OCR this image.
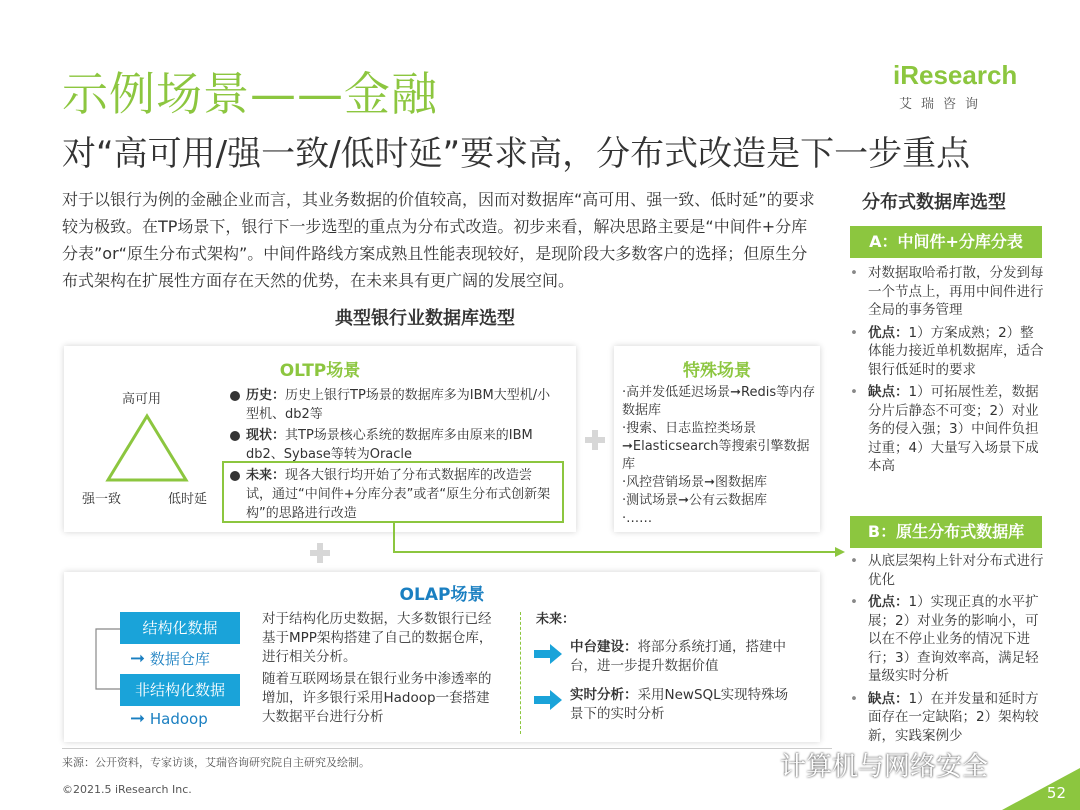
示例场景——金融
对“高可用/强一致/低时延”要求高，分布式改造是下一步重点
iResearch
艾瑞咨询
对于以银行为例的金融企业而言，其业务数据的价值较高，因而对数据库“高可用、强一致、低时延”的要求较为极致。在TP场景下，银行下一步选型的重点为分布式改造。初步来看，解决思路主要是“中间件+分库分表”or“原生分布式架构”。中间件路线方案成熟且性能表现较好，是现阶段大多数客户的选择；但原生分布式架构在扩展性方面存在天然的优势，在未来具有更广阔的发展空间。
典型银行业数据库选型
OLTP场景
高可用
强一致	低时延
历史：历史上银行TP场景的数据库多为IBM大型机/小型机、db2等
现状：其TP场景核心系统的数据库多由原来的IBM db2、Sybase等转为Oracle
未来：现各大银行均开始了分布式数据库的改造尝试，通过“中间件+分库分表”或者“原生分布式创新架构”的思路进行改造
特殊场景
·高并发低延迟场景➞Redis等内存数据库
·搜索、日志监控类场景➞Elasticsearch等搜索引擎数据库
·风控营销场景➞图数据库
·测试场景➞公有云数据库
·……
OLAP场景
结构化数据
➞ 数据仓库
非结构化数据
➞ Hadoop
对于结构化历史数据，大多数银行已经基于MPP架构搭建了自己的数据仓库，进行相关分析。
随着互联网场景在银行业务中渗透率的增加，许多银行采用Hadoop一套搭建大数据平台进行分析
未来：
中台建设：将部分系统打通，搭建中台，进一步提升数据价值
实时分析：采用NewSQL实现特殊场景下的实时分析
分布式数据库选型
A：中间件+分库分表
• 对数据取哈希打散，分发到每一个节点上，再用中间件进行全局的事务管理
• 优点：1）方案成熟；2）整体能力接近单机数据库，适合银行低延时的要求
• 缺点：1）可拓展性差，数据分片后静态不可变；2）对业务的侵入强；3）中间件负担过重；4）大量写入场景下成本高
B：原生分布式数据库
• 从底层架构上针对分布式进行优化
• 优点：1）实现正真的水平扩展；2）对业务的影响小，可以在不停止业务的情况下进行；3）查询效率高，满足轻量级实时分析
• 缺点：1）在并发量和延时方面存在一定缺陷；2）架构较新，实践案例少
来源：公开资料，专家访谈，艾瑞咨询研究院自主研究及绘制。
©2021.5 iResearch Inc.
计算机与网络安全
52
